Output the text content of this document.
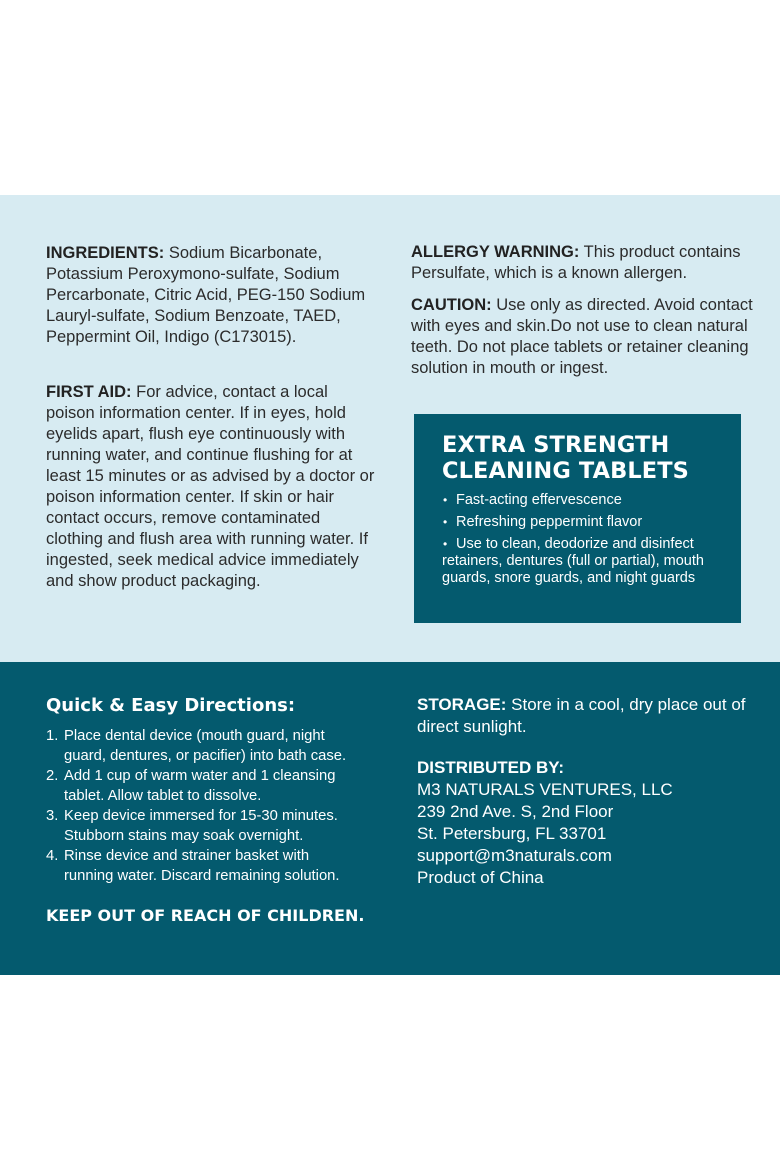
INGREDIENTS: Sodium Bicarbonate, Potassium Peroxymono-sulfate, Sodium Percarbonate, Citric Acid, PEG-150 Sodium Lauryl-sulfate, Sodium Benzoate, TAED, Peppermint Oil, Indigo (C173015).

FIRST AID: For advice, contact a local poison information center. If in eyes, hold eyelids apart, flush eye continuously with running water, and continue flushing for at least 15 minutes or as advised by a doctor or poison information center. If skin or hair contact occurs, remove contaminated clothing and flush area with running water. If ingested, seek medical advice immediately and show product packaging.

ALLERGY WARNING: This product contains Persulfate, which is a known allergen.

CAUTION: Use only as directed. Avoid contact with eyes and skin.Do not use to clean natural teeth. Do not place tablets or retainer cleaning solution in mouth or ingest.

EXTRA STRENGTH
CLEANING TABLETS
• Fast-acting effervescence
• Refreshing peppermint flavor
• Use to clean, deodorize and disinfect retainers, dentures (full or partial), mouth guards, snore guards, and night guards
Quick & Easy Directions:
1. Place dental device (mouth guard, night
guard, dentures, or pacifier) into bath case.
2. Add 1 cup of warm water and 1 cleansing
tablet. Allow tablet to dissolve.
3. Keep device immersed for 15-30 minutes.
Stubborn stains may soak overnight.
4. Rinse device and strainer basket with
running water. Discard remaining solution.
KEEP OUT OF REACH OF CHILDREN.

STORAGE: Store in a cool, dry place out of direct sunlight.

DISTRIBUTED BY:
M3 NATURALS VENTURES, LLC
239 2nd Ave. S, 2nd Floor
St. Petersburg, FL 33701
support@m3naturals.com
Product of China
